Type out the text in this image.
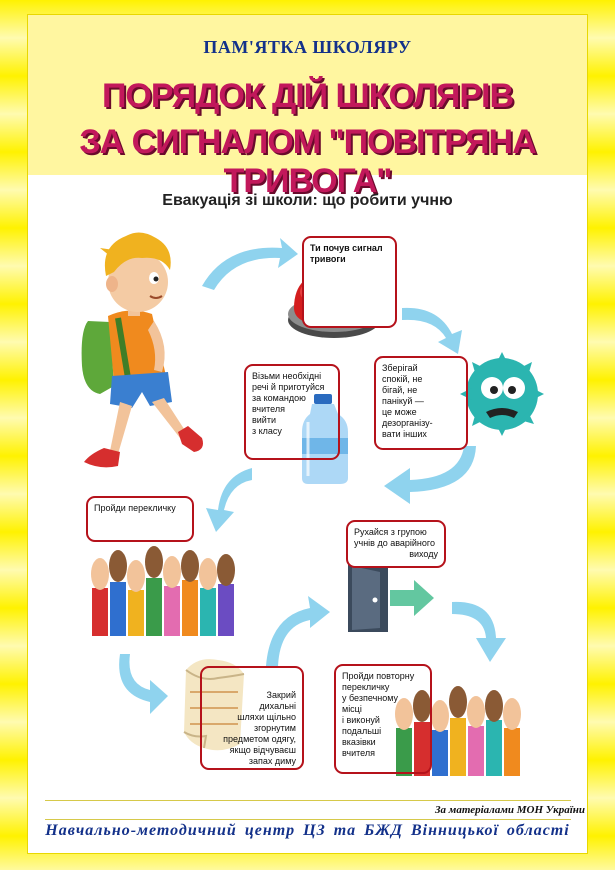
ПАМ'ЯТКА ШКОЛЯРУ
ПОРЯДОК ДІЙ ШКОЛЯРІВ
ЗА СИГНАЛОМ "ПОВІТРЯНА ТРИВОГА"
Евакуація зі школи: що робити учню
Ти почув сигнал
тривоги
Зберігай
спокій, не
бігай, не
панікуй —
це може
дезорганізу-
вати інших
Візьми необхідні
речі й приготуйся
за командою
вчителя
вийти
з класу
Пройди перекличку
Рухайся з групою
учнів до аварійного
виходу
Закрий
дихальні
шляхи щільно
згорнутим
предметом одягу,
якщо відчуваєш
запах диму
Пройди повторну
перекличку
у безпечному
місці
і виконуй
подальші
вказівки
вчителя
За матеріалами МОН України
Навчально-методичний центр ЦЗ та БЖД Вінницької області
